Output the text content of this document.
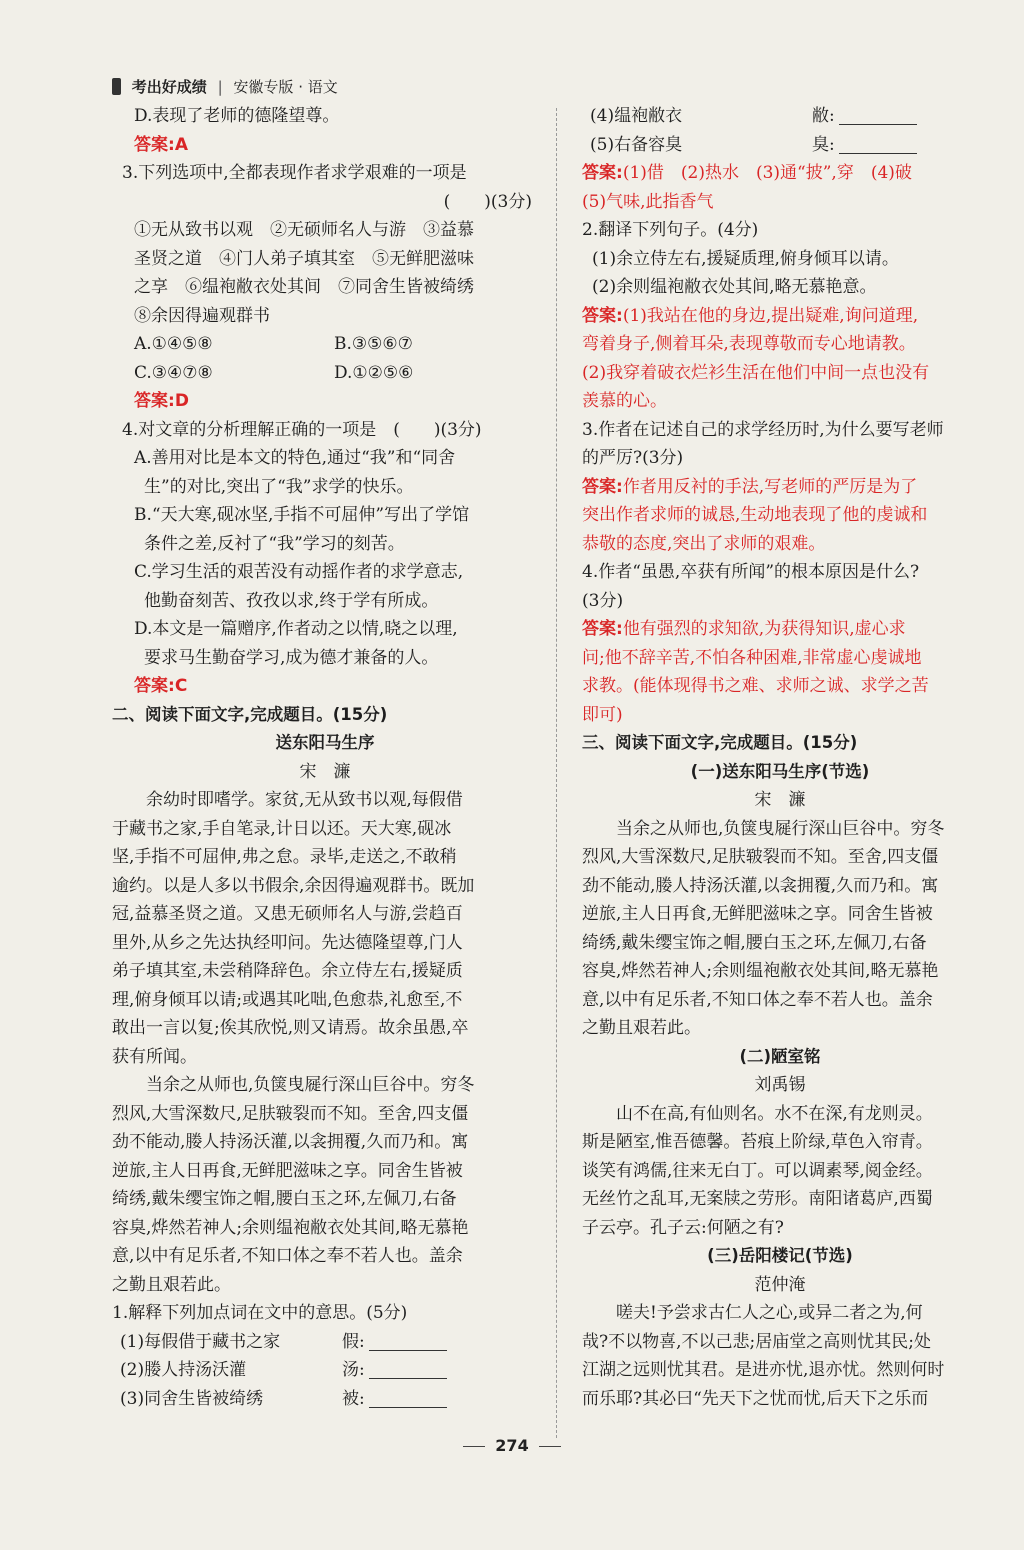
考出好成绩 | 安徽专版 · 语文
D.表现了老师的德隆望尊。
答案:A
3.下列选项中,全都表现作者求学艰难的一项是
(　　)(3分)
①无从致书以观　②无硕师名人与游　③益慕
圣贤之道　④门人弟子填其室　⑤无鲜肥滋味
之享　⑥缊袍敝衣处其间　⑦同舍生皆被绮绣
⑧余因得遍观群书
A.①④⑤⑧	B.③⑤⑥⑦
C.③④⑦⑧	D.①②⑤⑥
答案:D
4.对文章的分析理解正确的一项是　(　　)(3分)
A.善用对比是本文的特色,通过“我”和“同舍
生”的对比,突出了“我”求学的快乐。
B.“天大寒,砚冰坚,手指不可屈伸”写出了学馆
条件之差,反衬了“我”学习的刻苦。
C.学习生活的艰苦没有动摇作者的求学意志,
他勤奋刻苦、孜孜以求,终于学有所成。
D.本文是一篇赠序,作者动之以情,晓之以理,
要求马生勤奋学习,成为德才兼备的人。
答案:C
二、阅读下面文字,完成题目。(15分)
送东阳马生序
宋　濂
余幼时即嗜学。家贫,无从致书以观,每假借
于藏书之家,手自笔录,计日以还。天大寒,砚冰
坚,手指不可屈伸,弗之怠。录毕,走送之,不敢稍
逾约。以是人多以书假余,余因得遍观群书。既加
冠,益慕圣贤之道。又患无硕师名人与游,尝趋百
里外,从乡之先达执经叩问。先达德隆望尊,门人
弟子填其室,未尝稍降辞色。余立侍左右,援疑质
理,俯身倾耳以请;或遇其叱咄,色愈恭,礼愈至,不
敢出一言以复;俟其欣悦,则又请焉。故余虽愚,卒
获有所闻。
当余之从师也,负箧曳屣行深山巨谷中。穷冬
烈风,大雪深数尺,足肤皲裂而不知。至舍,四支僵
劲不能动,媵人持汤沃灌,以衾拥覆,久而乃和。寓
逆旅,主人日再食,无鲜肥滋味之享。同舍生皆被
绮绣,戴朱缨宝饰之帽,腰白玉之环,左佩刀,右备
容臭,烨然若神人;余则缊袍敝衣处其间,略无慕艳
意,以中有足乐者,不知口体之奉不若人也。盖余
之勤且艰若此。
1.解释下列加点词在文中的意思。(5分)
(1)每假借于藏书之家	假:
(2)媵人持汤沃灌	汤:
(3)同舍生皆被绮绣	被:
(4)缊袍敝衣	敝:
(5)右备容臭	臭:
答案:(1)借　(2)热水　(3)通“披”,穿　(4)破
(5)气味,此指香气
2.翻译下列句子。(4分)
(1)余立侍左右,援疑质理,俯身倾耳以请。
(2)余则缊袍敝衣处其间,略无慕艳意。
答案:(1)我站在他的身边,提出疑难,询问道理,
弯着身子,侧着耳朵,表现尊敬而专心地请教。
(2)我穿着破衣烂衫生活在他们中间一点也没有
羡慕的心。
3.作者在记述自己的求学经历时,为什么要写老师
的严厉?(3分)
答案:作者用反衬的手法,写老师的严厉是为了
突出作者求师的诚恳,生动地表现了他的虔诚和
恭敬的态度,突出了求师的艰难。
4.作者“虽愚,卒获有所闻”的根本原因是什么?
(3分)
答案:他有强烈的求知欲,为获得知识,虚心求
问;他不辞辛苦,不怕各种困难,非常虚心虔诚地
求教。(能体现得书之难、求师之诚、求学之苦
即可)
三、阅读下面文字,完成题目。(15分)
(一)送东阳马生序(节选)
宋　濂
当余之从师也,负箧曳屣行深山巨谷中。穷冬
烈风,大雪深数尺,足肤皲裂而不知。至舍,四支僵
劲不能动,媵人持汤沃灌,以衾拥覆,久而乃和。寓
逆旅,主人日再食,无鲜肥滋味之享。同舍生皆被
绮绣,戴朱缨宝饰之帽,腰白玉之环,左佩刀,右备
容臭,烨然若神人;余则缊袍敝衣处其间,略无慕艳
意,以中有足乐者,不知口体之奉不若人也。盖余
之勤且艰若此。
(二)陋室铭
刘禹锡
山不在高,有仙则名。水不在深,有龙则灵。
斯是陋室,惟吾德馨。苔痕上阶绿,草色入帘青。
谈笑有鸿儒,往来无白丁。可以调素琴,阅金经。
无丝竹之乱耳,无案牍之劳形。南阳诸葛庐,西蜀
子云亭。孔子云:何陋之有?
(三)岳阳楼记(节选)
范仲淹
嗟夫!予尝求古仁人之心,或异二者之为,何
哉?不以物喜,不以己悲;居庙堂之高则忧其民;处
江湖之远则忧其君。是进亦忧,退亦忧。然则何时
而乐耶?其必曰“先天下之忧而忧,后天下之乐而
274
